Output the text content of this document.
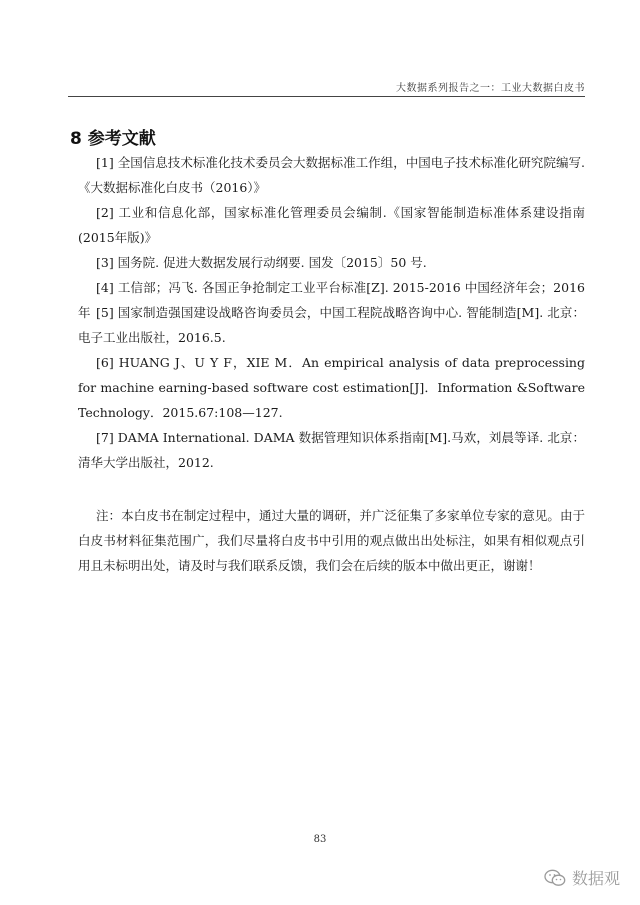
大数据系列报告之一：工业大数据白皮书
8 参考文献

[1] 全国信息技术标准化技术委员会大数据标准工作组，中国电子技术标准化研究院编写.《大数据标准化白皮书（2016）》

[2] 工业和信息化部，国家标准化管理委员会编制.《国家智能制造标准体系建设指南(2015年版)》

[3] 国务院. 促进大数据发展行动纲要. 国发〔2015〕50 号.

[4] 工信部；冯飞. 各国正争抢制定工业平台标准[Z]. 2015-2016 中国经济年会；2016 年 [5] 国家制造强国建设战略咨询委员会，中国工程院战略咨询中心. 智能制造[M]. 北京：电子工业出版社，2016.5.

[6] HUANG J、U Y F，XIE M．An empirical analysis of data preprocessing for machine earning-based software cost estimation[J]．Information &Software Technology．2015.67:108—127.

[7] DAMA International. DAMA 数据管理知识体系指南[M].马欢，刘晨等译. 北京：清华大学出版社，2012.

注：本白皮书在制定过程中，通过大量的调研，并广泛征集了多家单位专家的意见。由于白皮书材料征集范围广，我们尽量将白皮书中引用的观点做出出处标注，如果有相似观点引用且未标明出处，请及时与我们联系反馈，我们会在后续的版本中做出更正，谢谢！

83
数据观
